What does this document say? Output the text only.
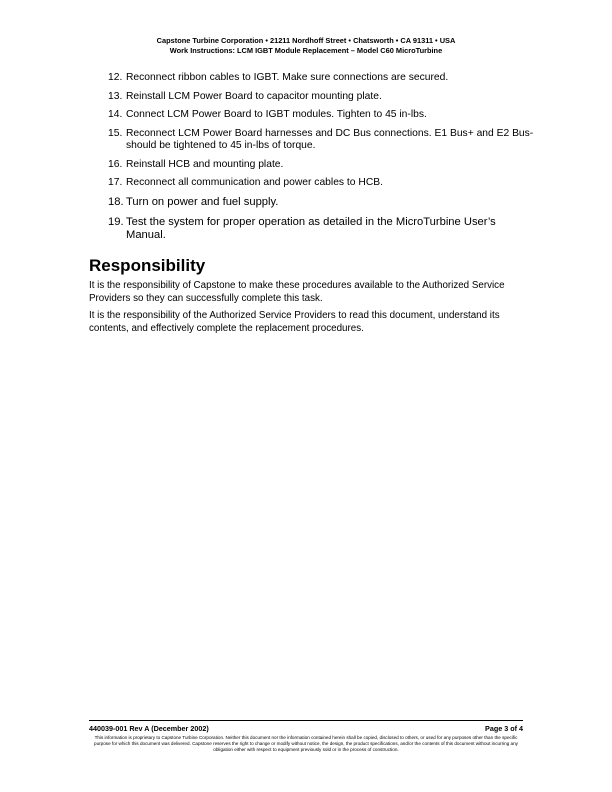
Capstone Turbine Corporation • 21211 Nordhoff Street • Chatsworth • CA 91311 • USA
Work Instructions: LCM IGBT Module Replacement – Model C60 MicroTurbine
12. Reconnect ribbon cables to IGBT. Make sure connections are secured.
13. Reinstall LCM Power Board to capacitor mounting plate.
14. Connect LCM Power Board to IGBT modules. Tighten to 45 in-lbs.
15. Reconnect LCM Power Board harnesses and DC Bus connections. E1 Bus+ and E2 Bus- should be tightened to 45 in-lbs of torque.
16. Reinstall HCB and mounting plate.
17. Reconnect all communication and power cables to HCB.
18. Turn on power and fuel supply.
19. Test the system for proper operation as detailed in the MicroTurbine User’s Manual.
Responsibility
It is the responsibility of Capstone to make these procedures available to the Authorized Service Providers so they can successfully complete this task.
It is the responsibility of the Authorized Service Providers to read this document, understand its contents, and effectively complete the replacement procedures.
440039-001 Rev A (December 2002)	Page 3 of 4
This information is proprietary to Capstone Turbine Corporation. Neither this document nor the information contained herein shall be copied, disclosed to others, or used for any purposes other than the specific purpose for which this document was delivered. Capstone reserves the right to change or modify without notice, the design, the product specifications, and/or the contents of this document without incurring any obligation either with respect to equipment previously sold or in the process of construction.
